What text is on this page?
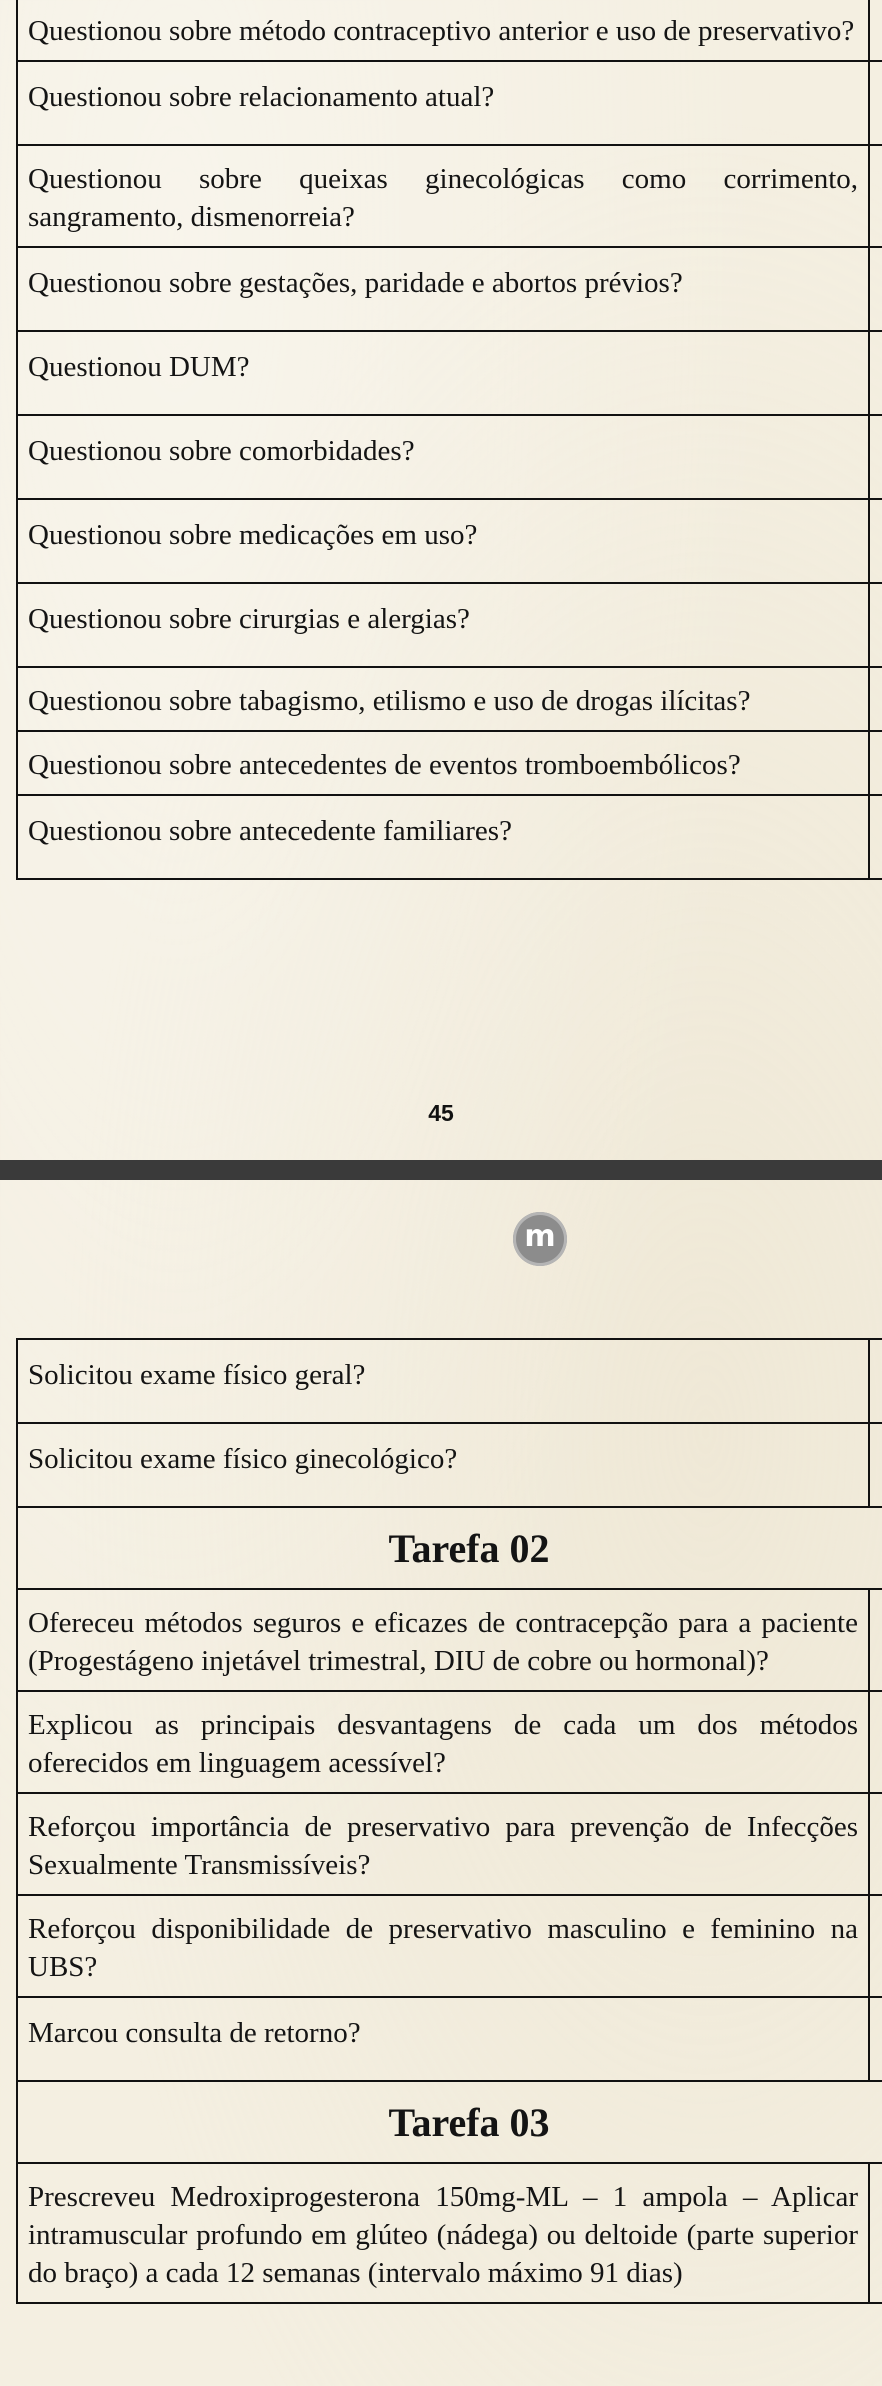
Questionou sobre método contraceptivo anterior e uso de preservativo?	
Questionou sobre relacionamento atual?	
Questionou sobre queixas ginecológicas como corrimento, sangramento, dismenorreia?	
Questionou sobre gestações, paridade e abortos prévios?	
Questionou DUM?	
Questionou sobre comorbidades?	
Questionou sobre medicações em uso?	
Questionou sobre cirurgias e alergias?	
Questionou sobre tabagismo, etilismo e uso de drogas ilícitas?	
Questionou sobre antecedentes de eventos tromboembólicos?	
Questionou sobre antecedente familiares?	
45
m
Solicitou exame físico geral?	
Solicitou exame físico ginecológico?	
Tarefa 02	
Ofereceu métodos seguros e eficazes de contracepção para a paciente (Progestágeno injetável trimestral, DIU de cobre ou hormonal)?	
Explicou as principais desvantagens de cada um dos métodos oferecidos em linguagem acessível?	
Reforçou importância de preservativo para prevenção de Infecções Sexualmente Transmissíveis?	
Reforçou disponibilidade de preservativo masculino e feminino na UBS?	
Marcou consulta de retorno?	
Tarefa 03	
Prescreveu Medroxiprogesterona 150mg-ML – 1 ampola – Aplicar intramuscular profundo em glúteo (nádega) ou deltoide (parte superior do braço) a cada 12 semanas (intervalo máximo 91 dias)	
